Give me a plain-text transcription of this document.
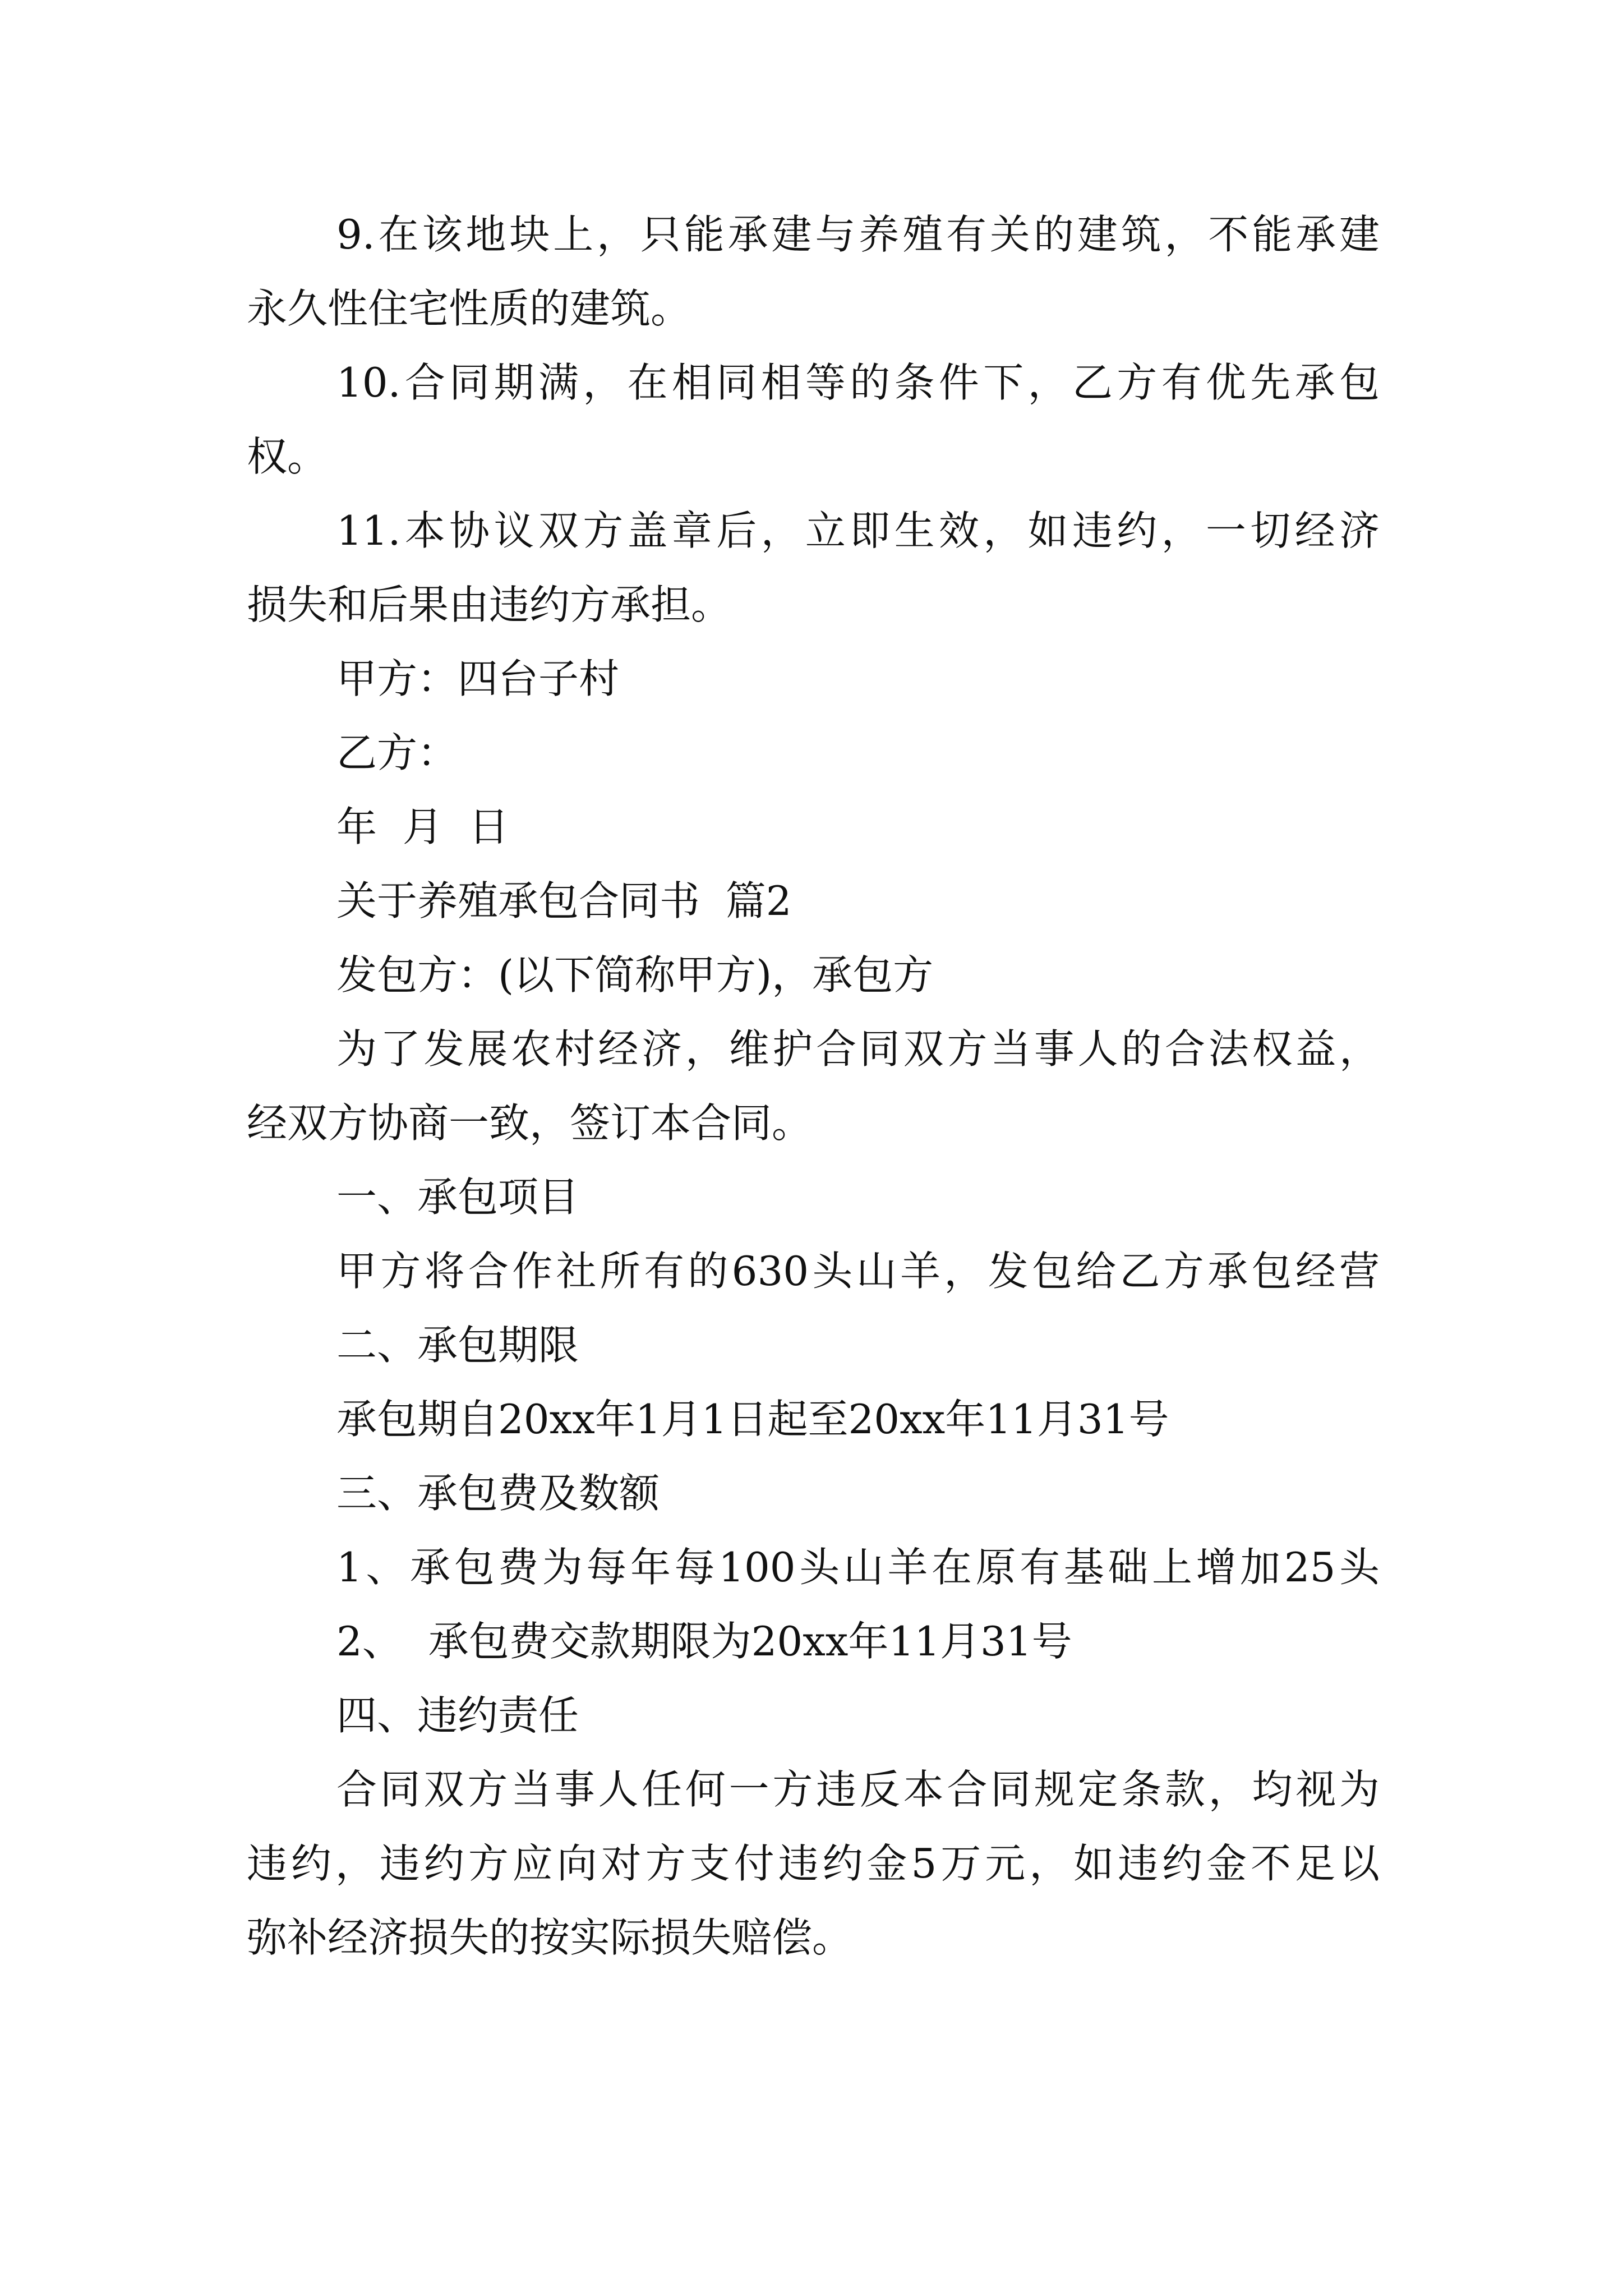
9.在该地块上，只能承建与养殖有关的建筑，不能承建
永久性住宅性质的建筑。
10.合同期满，在相同相等的条件下，乙方有优先承包
权。
11.本协议双方盖章后，立即生效，如违约，一切经济
损失和后果由违约方承担。
甲方：四台子村
乙方：
年  月  日
关于养殖承包合同书  篇2
发包方：(以下简称甲方)，承包方
为了发展农村经济，维护合同双方当事人的合法权益，
经双方协商一致，签订本合同。
一、承包项目
甲方将合作社所有的630头山羊，发包给乙方承包经营
二、承包期限
承包期自20xx年1月1日起至20xx年11月31号
三、承包费及数额
1、承包费为每年每100头山羊在原有基础上增加25头
2、  承包费交款期限为20xx年11月31号
四、违约责任
合同双方当事人任何一方违反本合同规定条款，均视为
违约，违约方应向对方支付违约金5万元，如违约金不足以
弥补经济损失的按实际损失赔偿。
